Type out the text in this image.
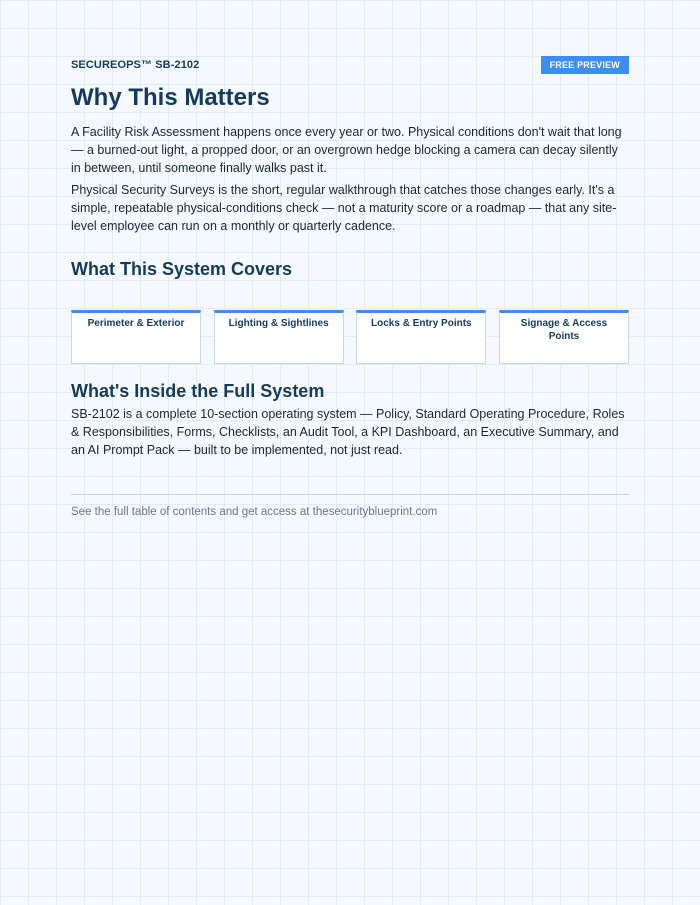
SECUREOPS™ SB-2102	FREE PREVIEW
Why This Matters

A Facility Risk Assessment happens once every year or two. Physical conditions don't wait that long — a burned-out light, a propped door, or an overgrown hedge blocking a camera can decay silently in between, until someone finally walks past it.

Physical Security Surveys is the short, regular walkthrough that catches those changes early. It's a simple, repeatable physical-conditions check — not a maturity score or a roadmap — that any site-level employee can run on a monthly or quarterly cadence.

What This System Covers
Perimeter & Exterior	Lighting & Sightlines	Locks & Entry Points	Signage & Access Points
What's Inside the Full System

SB-2102 is a complete 10-section operating system — Policy, Standard Operating Procedure, Roles & Responsibilities, Forms, Checklists, an Audit Tool, a KPI Dashboard, an Executive Summary, and an AI Prompt Pack — built to be implemented, not just read.

See the full table of contents and get access at thesecurityblueprint.com
